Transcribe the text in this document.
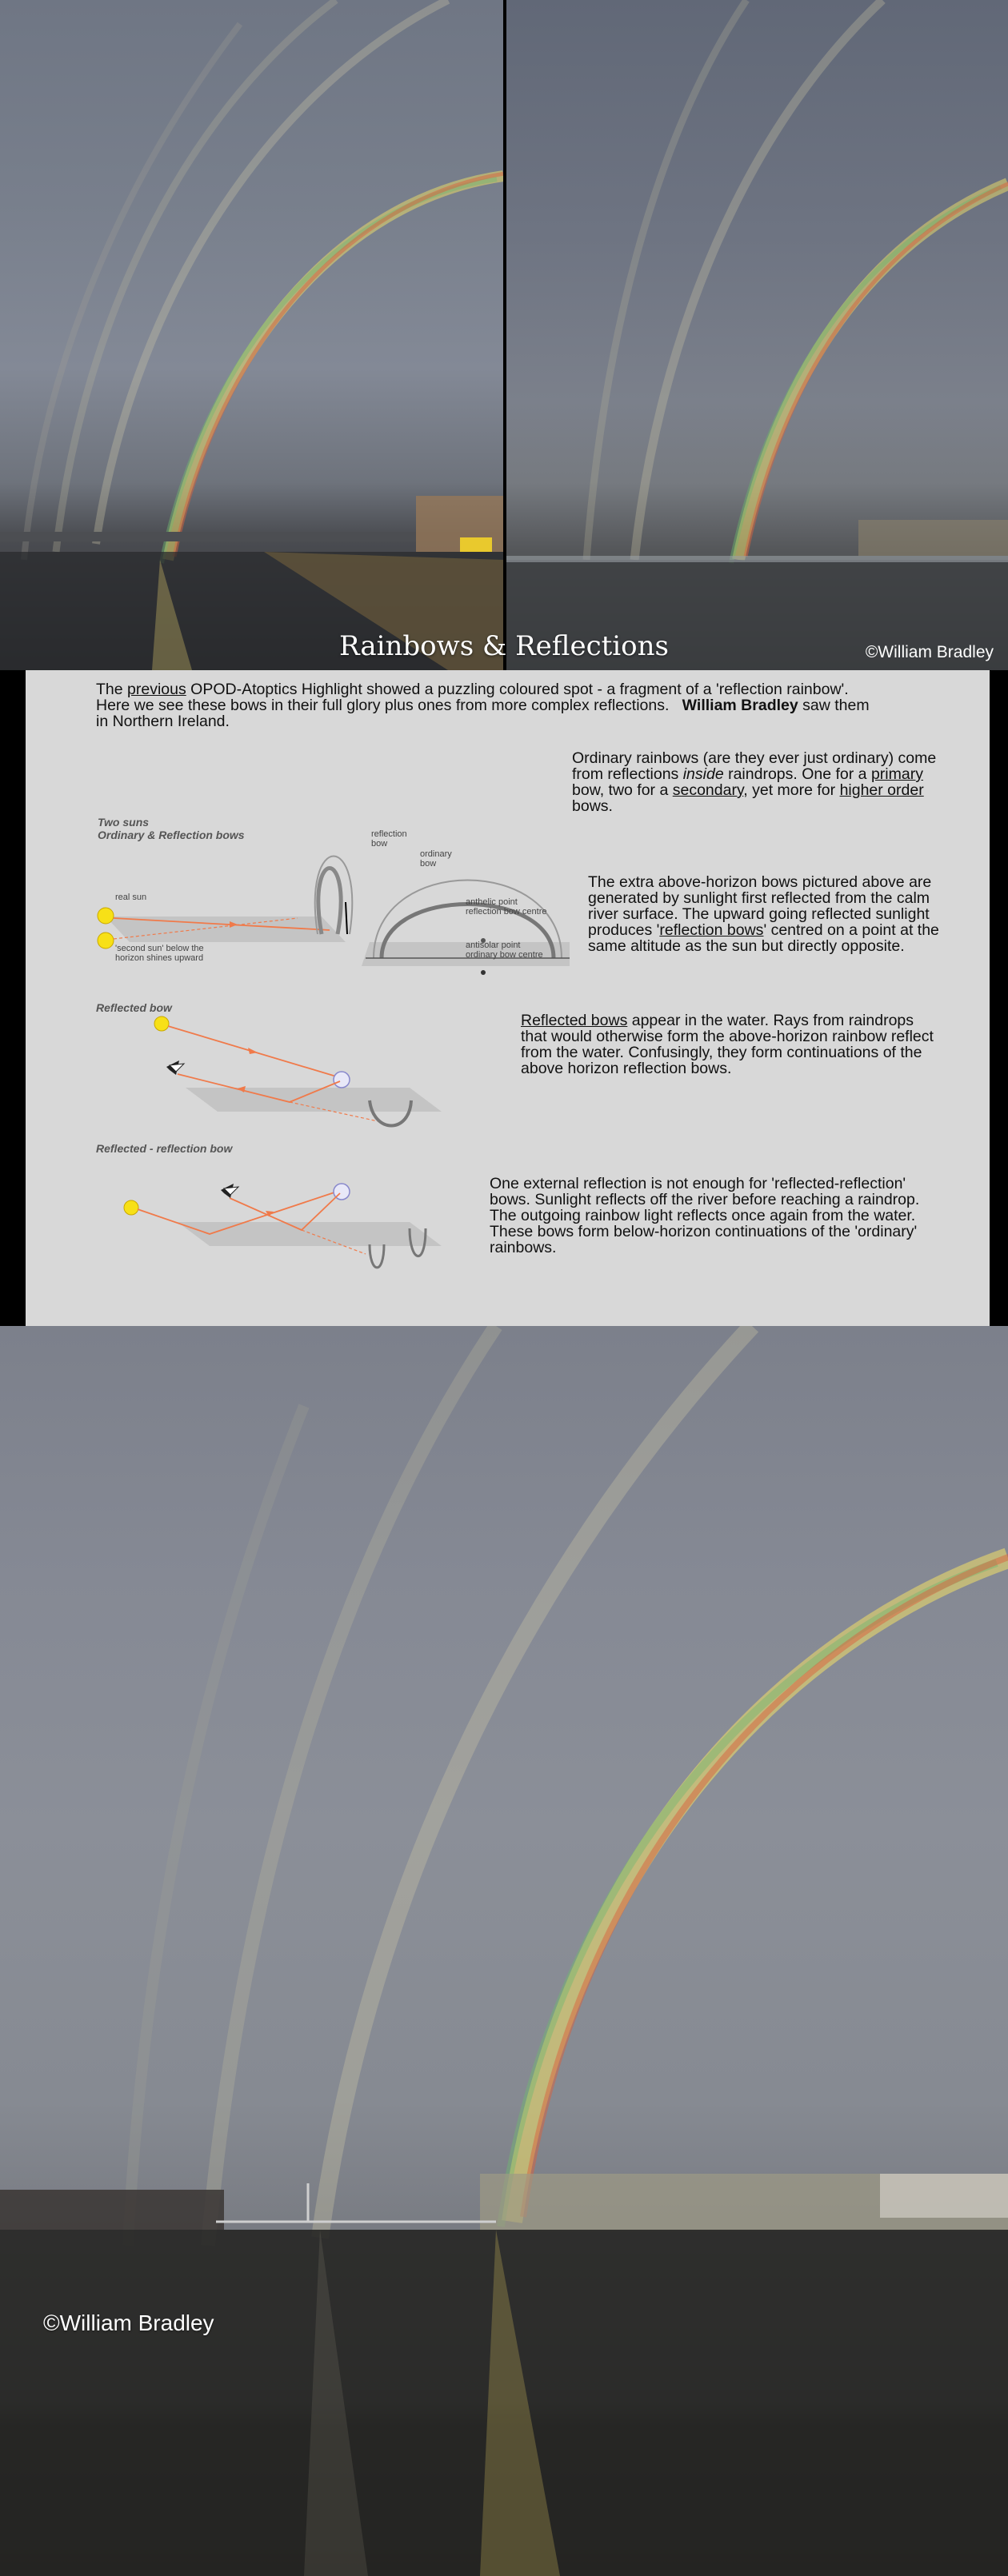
Rainbows & Reflections	©William Bradley
The previous OPOD-Atoptics Highlight showed a puzzling coloured spot - a fragment of a 'reflection rainbow'.
Here we see these bows in their full glory plus ones from more complex reflections. William Bradley saw them
in Northern Ireland.
Ordinary rainbows (are they ever just ordinary) come
from reflections inside raindrops. One for a primary
bow, two for a secondary, yet more for higher order
bows.
The extra above-horizon bows pictured above are
generated by sunlight first reflected from the calm
river surface. The upward going reflected sunlight
produces 'reflection bows' centred on a point at the
same altitude as the sun but directly opposite.
Reflected bows appear in the water. Rays from raindrops
that would otherwise form the above-horizon rainbow reflect
from the water. Confusingly, they form continuations of the
above horizon reflection bows.
One external reflection is not enough for 'reflected-reflection'
bows. Sunlight reflects off the river before reaching a raindrop.
The outgoing rainbow light reflects once again from the water.
These bows form below-horizon continuations of the 'ordinary'
rainbows.
Two suns
Ordinary & Reflection bows
real sun
'second sun' below the
horizon shines upward
reflection
bow
ordinary
bow
anthelic point
reflection bow centre
antisolar point
ordinary bow centre
Reflected bow
Reflected - reflection bow
©William Bradley
